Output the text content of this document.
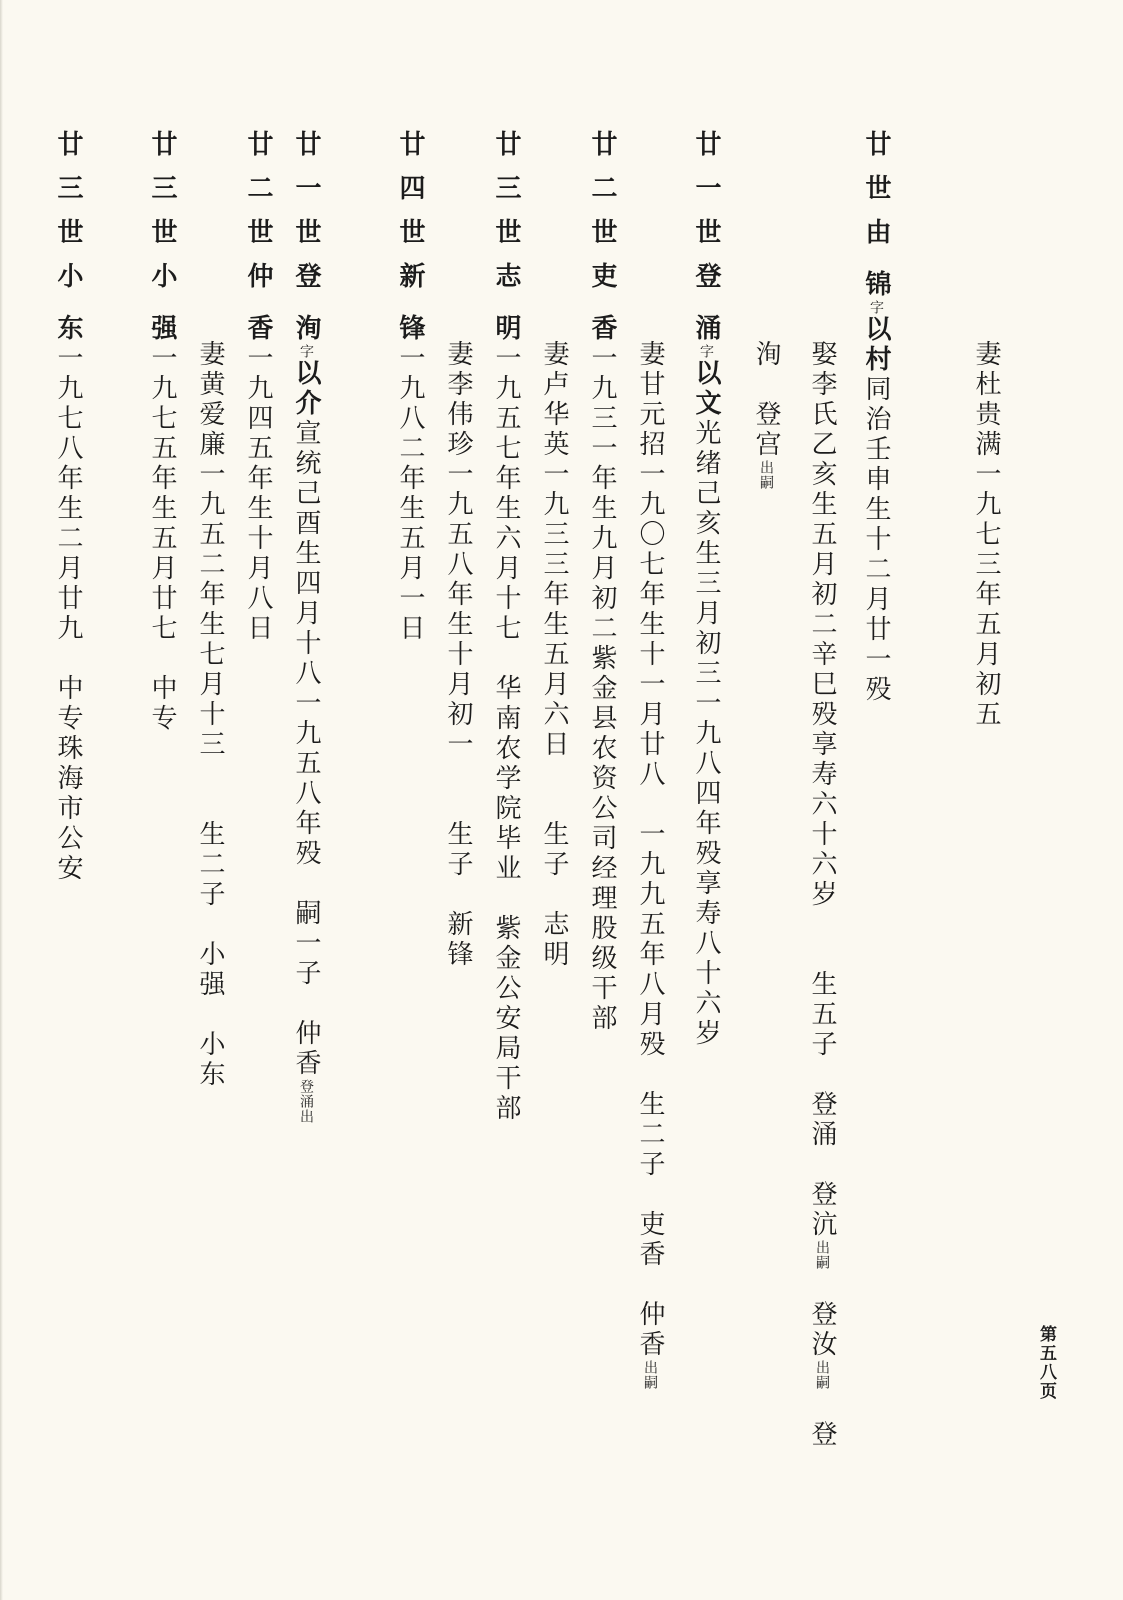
妻杜贵满一九七三年五月初五
廿世由锦字以村同治壬申生十二月廿一殁
娶李氏乙亥生五月初二辛巳殁享寿六十六岁　　生五子　登涌　登沆出嗣　登汝出嗣　登
洵　登宫出嗣
廿一世登涌字以文光绪己亥生三月初三一九八四年殁享寿八十六岁
妻甘元招一九〇七年生十一月廿八　一九九五年八月殁　生二子　吏香　仲香出嗣
廿二世吏香一九三一年生九月初二紫金县农资公司经理股级干部
妻卢华英一九三三年生五月六日　　生子　志明
廿三世志明一九五七年生六月十七　华南农学院毕业　紫金公安局干部
妻李伟珍一九五八年生十月初一　　生子　新锋
廿四世新锋一九八二年生五月一日
廿一世登洵字以介宣统己酉生四月十八一九五八年殁　嗣一子　仲香登涌出
廿二世仲香一九四五年生十月八日
妻黄爱廉一九五二年生七月十三　　生二子　小强　小东
廿三世小强一九七五年生五月廿七　中专
廿三世小东一九七八年生二月廿九　中专珠海市公安
第五八页
